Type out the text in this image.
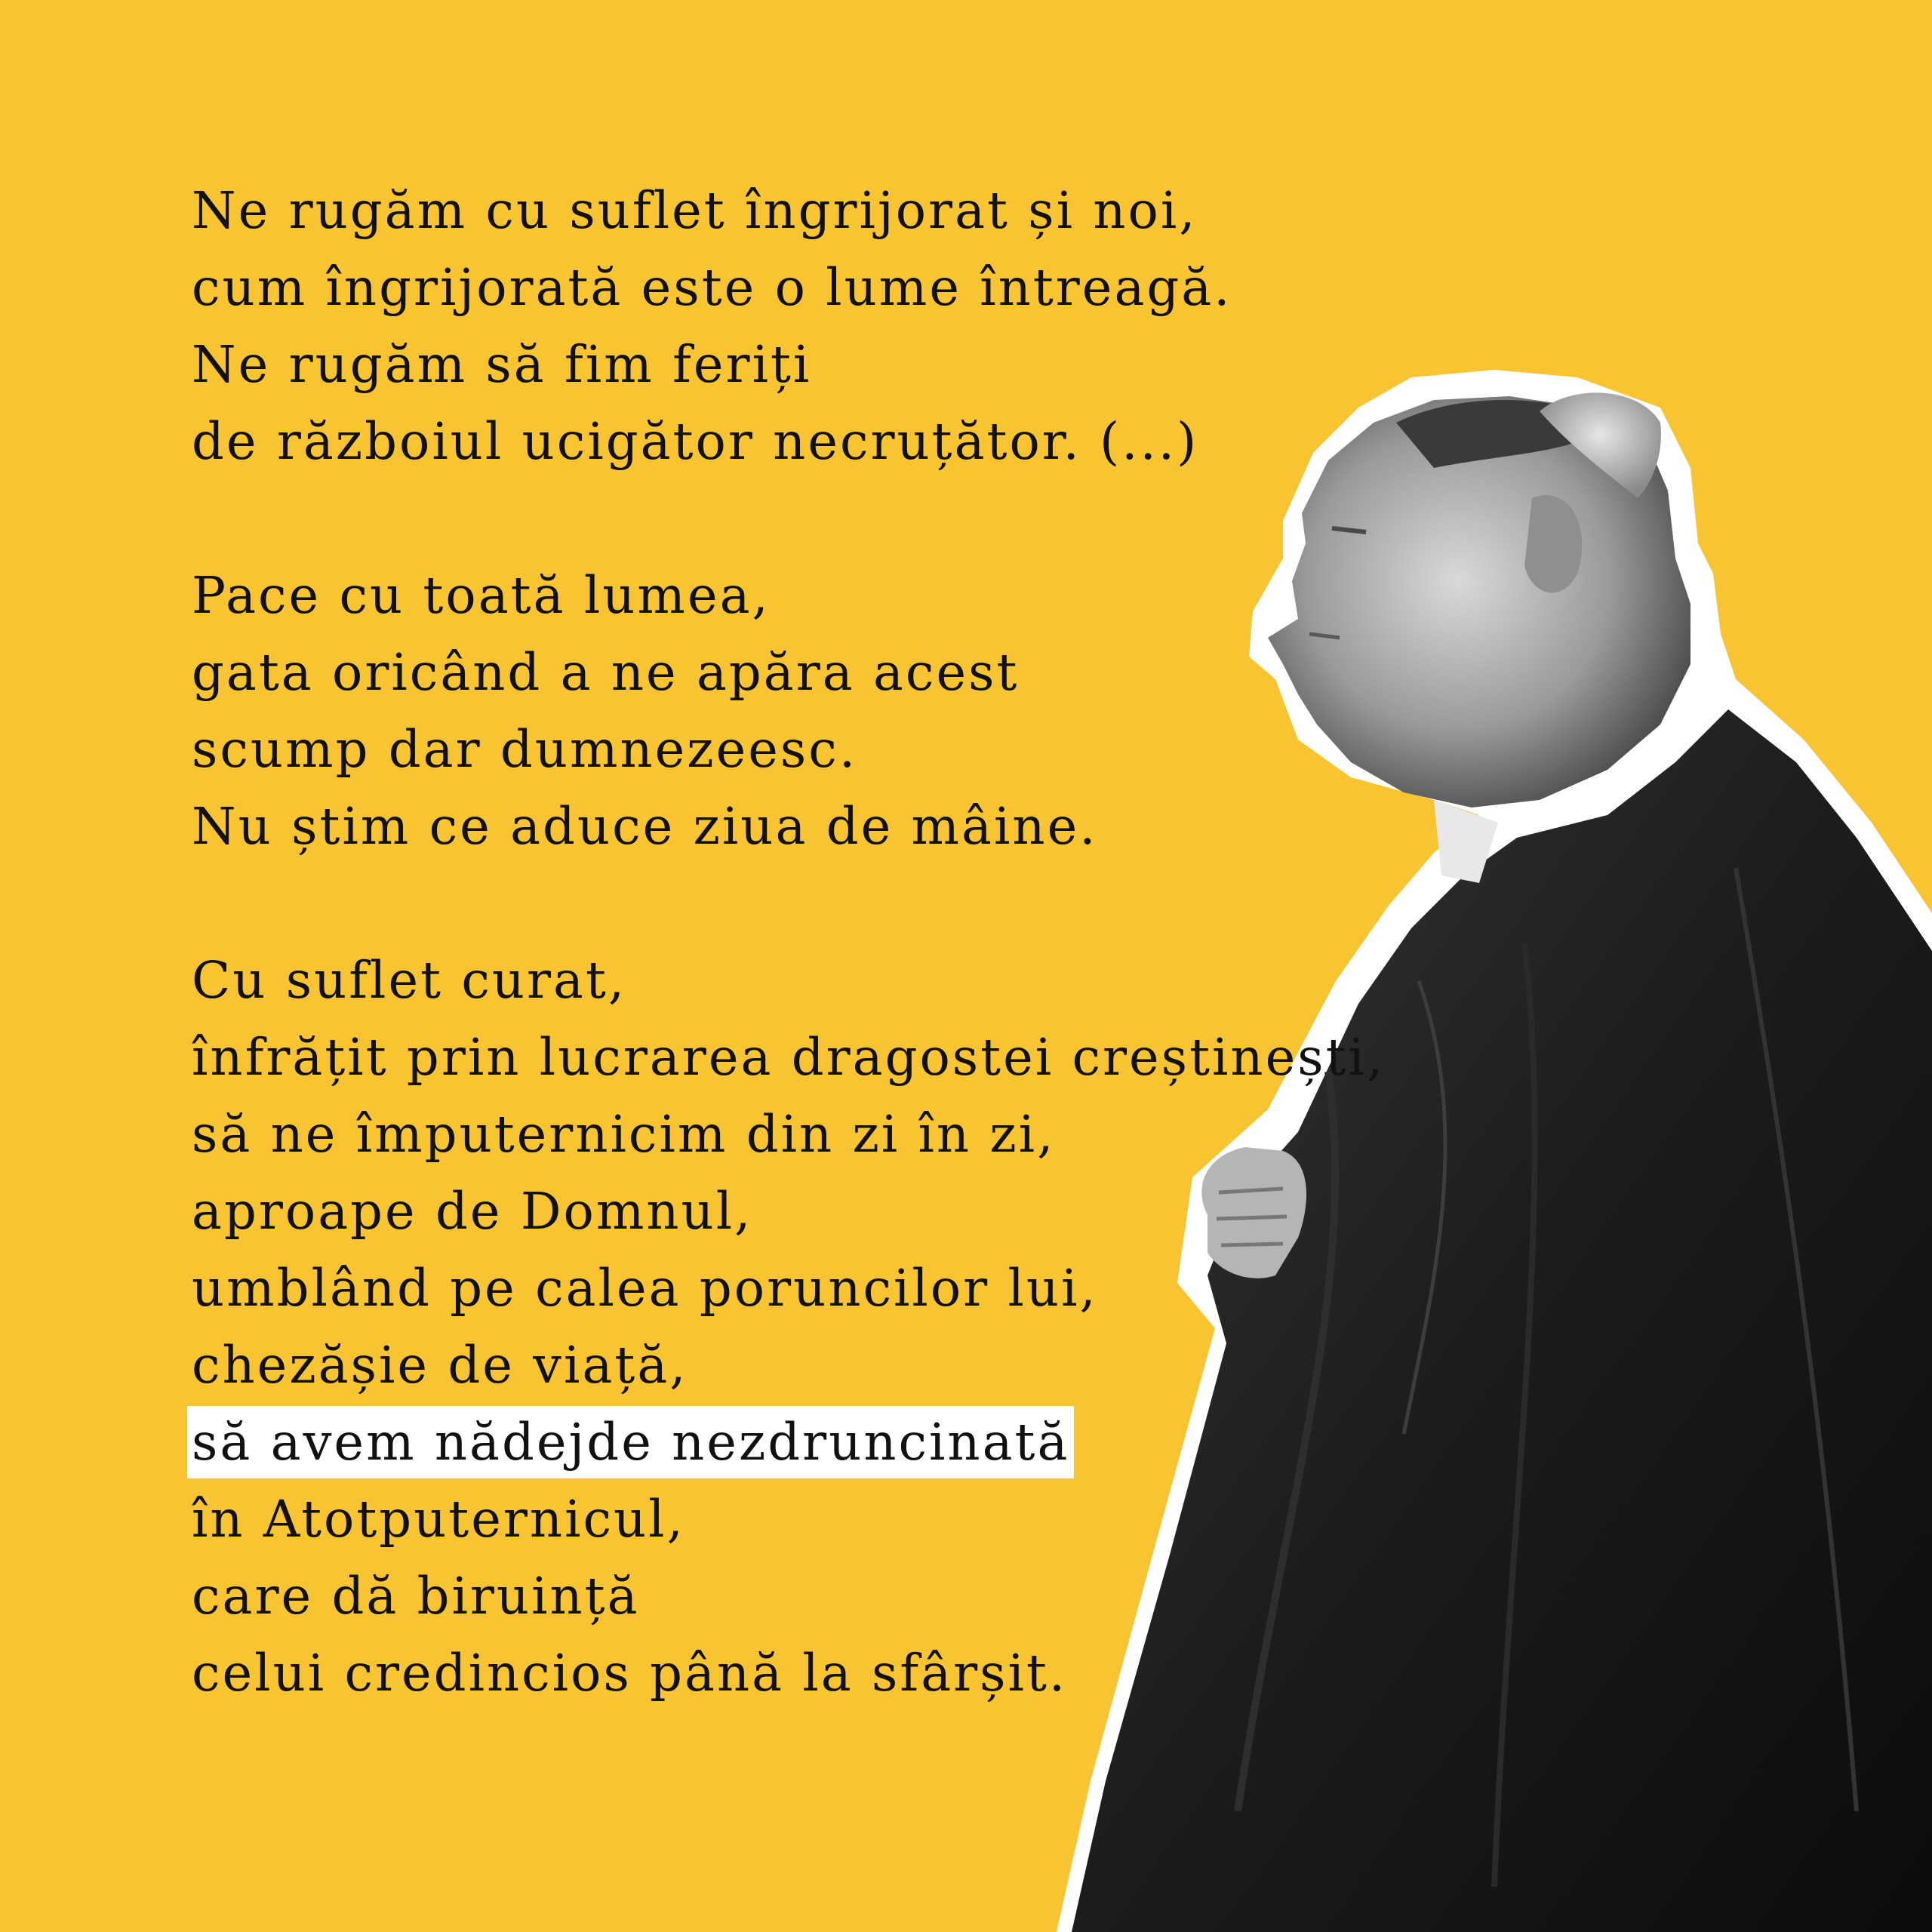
Ne rugăm cu suflet îngrijorat și noi,
cum îngrijorată este o lume întreagă.
Ne rugăm să fim feriți
de războiul ucigător necruțător. (...)
Pace cu toată lumea,
gata oricând a ne apăra acest
scump dar dumnezeesc.
Nu știm ce aduce ziua de mâine.
Cu suflet curat,
înfrățit prin lucrarea dragostei creștinești,
să ne împuternicim din zi în zi,
aproape de Domnul,
umblând pe calea poruncilor lui,
chezășie de viață,
să avem nădejde nezdruncinată
în Atotputernicul,
care dă biruință
celui credincios până la sfârșit.
